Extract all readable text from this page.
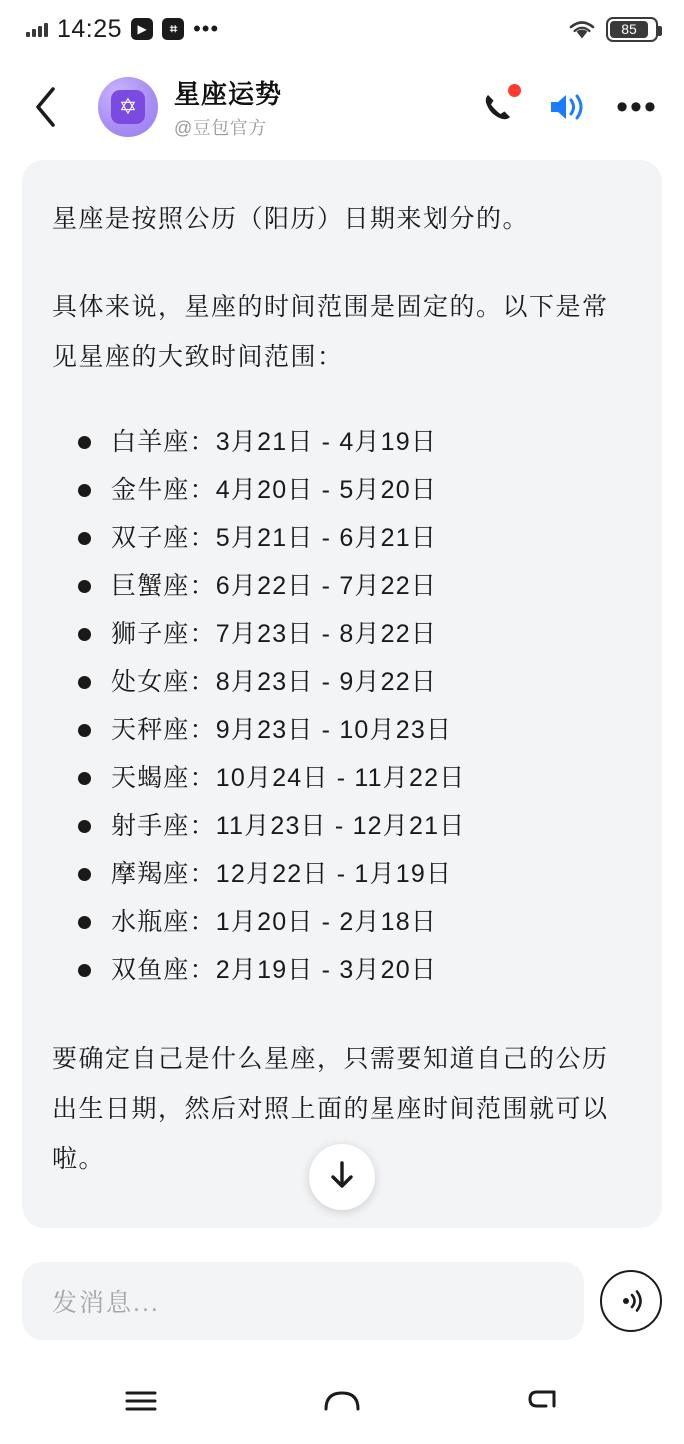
14:25	▶	⌗ •••	85
✡ 星座运势
@豆包官方
•••
星座是按照公历（阳历）日期来划分的。
具体来说，星座的时间范围是固定的。以下是常见星座的大致时间范围：
白羊座：3月21日 - 4月19日
金牛座：4月20日 - 5月20日
双子座：5月21日 - 6月21日
巨蟹座：6月22日 - 7月22日
狮子座：7月23日 - 8月22日
处女座：8月23日 - 9月22日
天秤座：9月23日 - 10月23日
天蝎座：10月24日 - 11月22日
射手座：11月23日 - 12月21日
摩羯座：12月22日 - 1月19日
水瓶座：1月20日 - 2月18日
双鱼座：2月19日 - 3月20日
要确定自己是什么星座，只需要知道自己的公历出生日期，然后对照上面的星座时间范围就可以啦。
发消息...
